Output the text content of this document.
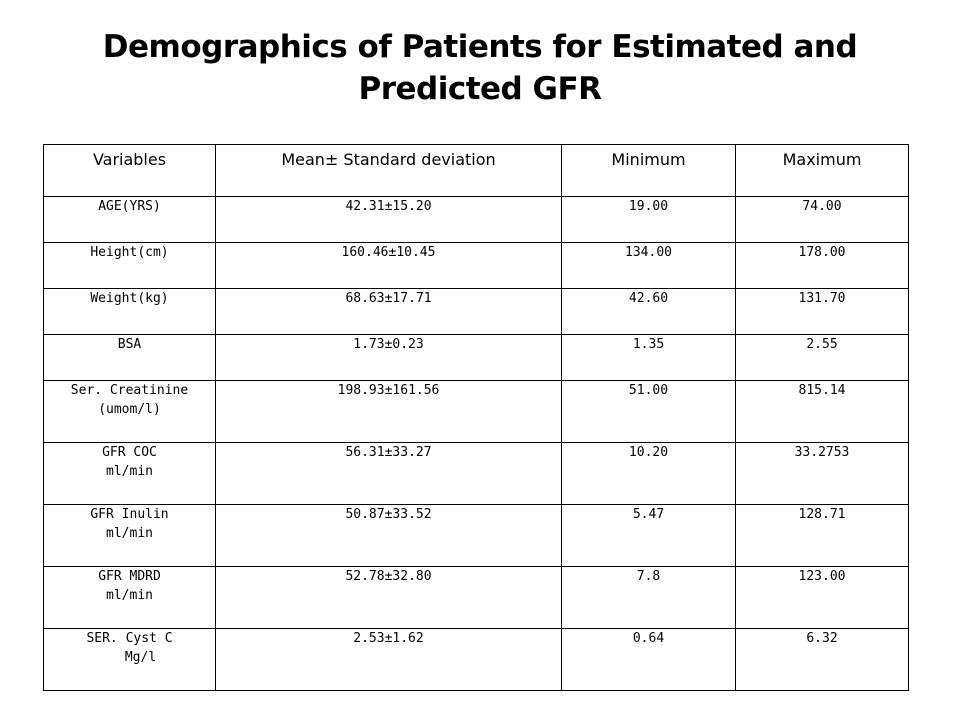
Demographics of Patients for Estimated and
Predicted GFR
Variables	Mean± Standard deviation	Minimum	Maximum
AGE(YRS)	42.31±15.20	19.00	74.00
Height(cm)	160.46±10.45	134.00	178.00
Weight(kg)	68.63±17.71	42.60	131.70
BSA	1.73±0.23	1.35	2.55

Ser. Creatinine
(umom/l)	198.93±161.56	51.00	815.14

GFR COC
ml/min	56.31±33.27	10.20	33.2753

GFR Inulin
ml/min	50.87±33.52	5.47	128.71

GFR MDRD
ml/min	52.78±32.80	7.8	123.00

SER. Cyst C
Mg/l	2.53±1.62	0.64	6.32
